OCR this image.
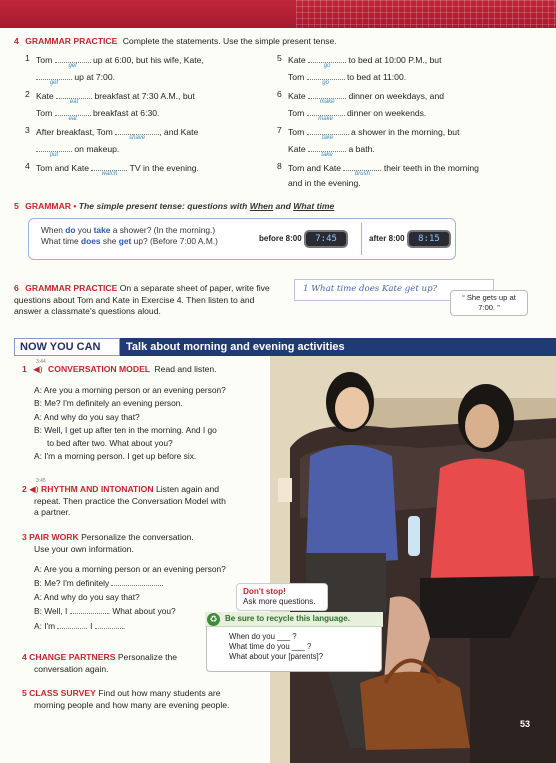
4 GRAMMAR PRACTICE Complete the statements. Use the simple present tense.
1 Tom
get
up at 6:00, but his wife, Kate,
get
up at 7:00.
2 Kate
eat
breakfast at 7:30 A.M., but
Tom
eat
breakfast at 6:30.
3 After breakfast, Tom
shave
, and Kate
put
on makeup.
4 Tom and Kate
watch
TV in the evening.
5 Kate
go
to bed at 10:00 P.M., but
Tom
go
to bed at 11:00.
6 Kate
make
dinner on weekdays, and
Tom
make
dinner on weekends.
7 Tom
take
a shower in the morning, but
Kate
take
a bath.
8 Tom and Kate
brush
their teeth in the morning
and in the evening.
5 GRAMMAR • The simple present tense: questions with When and What time
When do you take a shower? (In the morning.)
What time does she get up? (Before 7:00 A.M.)	before 8:00 7:45	after 8:00 8:15
6 GRAMMAR PRACTICE On a separate sheet of paper, write five questions about Tom and Kate in Exercise 4. Then listen to and answer a classmate's questions aloud.
1 What time does Kate get up?
“ She gets up at 7:00. ”
NOW YOU CAN	Talk about morning and evening activities
3:44
1 ◀) CONVERSATION MODEL Read and listen.
A: Are you a morning person or an evening person?
B: Me? I'm definitely an evening person.
A: And why do you say that?
B: Well, I get up after ten in the morning. And I go
to bed after two. What about you?
A: I'm a morning person. I get up before six.
3:45
2 ◀) RHYTHM AND INTONATION Listen again and
repeat. Then practice the Conversation Model with
a partner.
3 PAIR WORK Personalize the conversation.
Use your own information.
A: Are you a morning person or an evening person?
B: Me? I'm definitely	.
A: And why do you say that?
B: Well, I	. What about you?
A: I'm	. I	.
Don't stop!
Ask more questions.
♻ Be sure to recycle this language.
When do you ___ ?
What time do you ___ ?
What about your [parents]?
4 CHANGE PARTNERS Personalize the
conversation again.
5 CLASS SURVEY Find out how many students are
morning people and how many are evening people.
53
